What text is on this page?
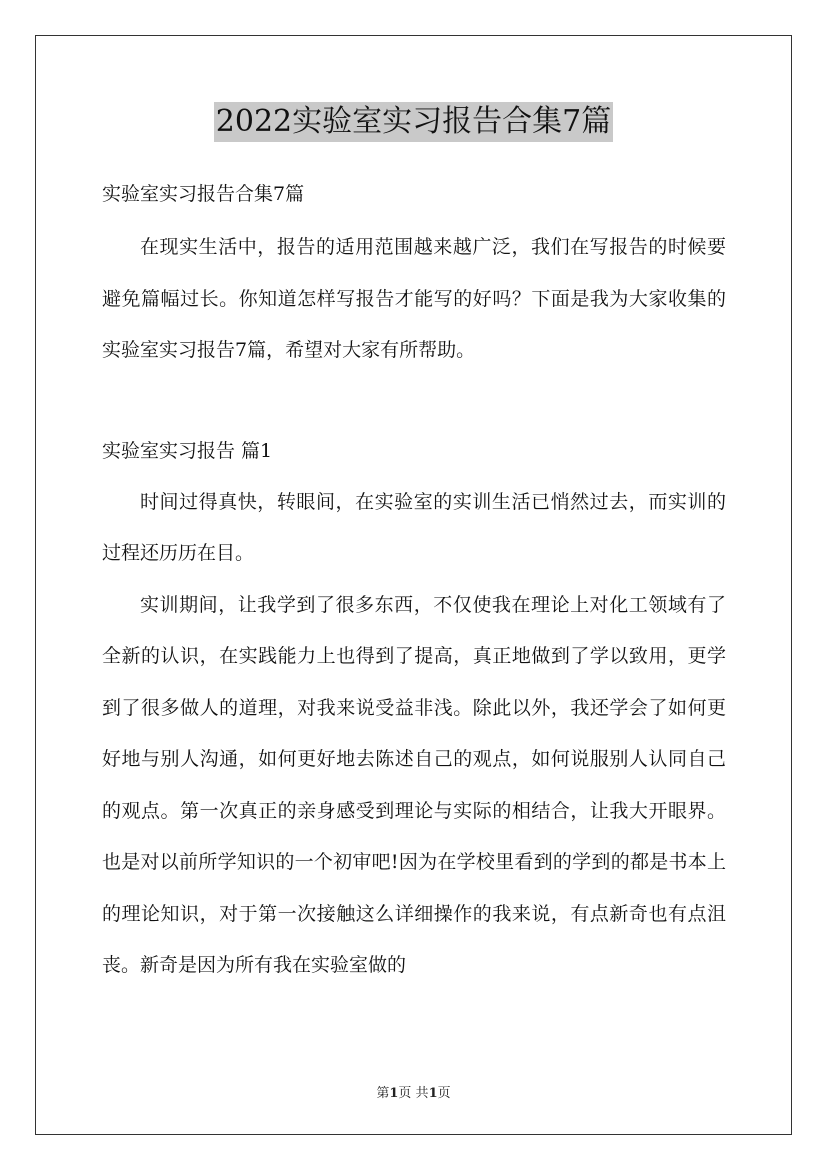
2022实验室实习报告合集7篇

实验室实习报告合集7篇

在现实生活中，报告的适用范围越来越广泛，我们在写报告的时候要避免篇幅过长。你知道怎样写报告才能写的好吗？下面是我为大家收集的实验室实习报告7篇，希望对大家有所帮助。

实验室实习报告 篇1

时间过得真快，转眼间，在实验室的实训生活已悄然过去，而实训的过程还历历在目。

实训期间，让我学到了很多东西，不仅使我在理论上对化工领域有了全新的认识，在实践能力上也得到了提高，真正地做到了学以致用，更学到了很多做人的道理，对我来说受益非浅。除此以外，我还学会了如何更好地与别人沟通，如何更好地去陈述自己的观点，如何说服别人认同自己的观点。第一次真正的亲身感受到理论与实际的相结合，让我大开眼界。也是对以前所学知识的一个初审吧!因为在学校里看到的学到的都是书本上的理论知识，对于第一次接触这么详细操作的我来说，有点新奇也有点沮丧。新奇是因为所有我在实验室做的

第1页 共1页
